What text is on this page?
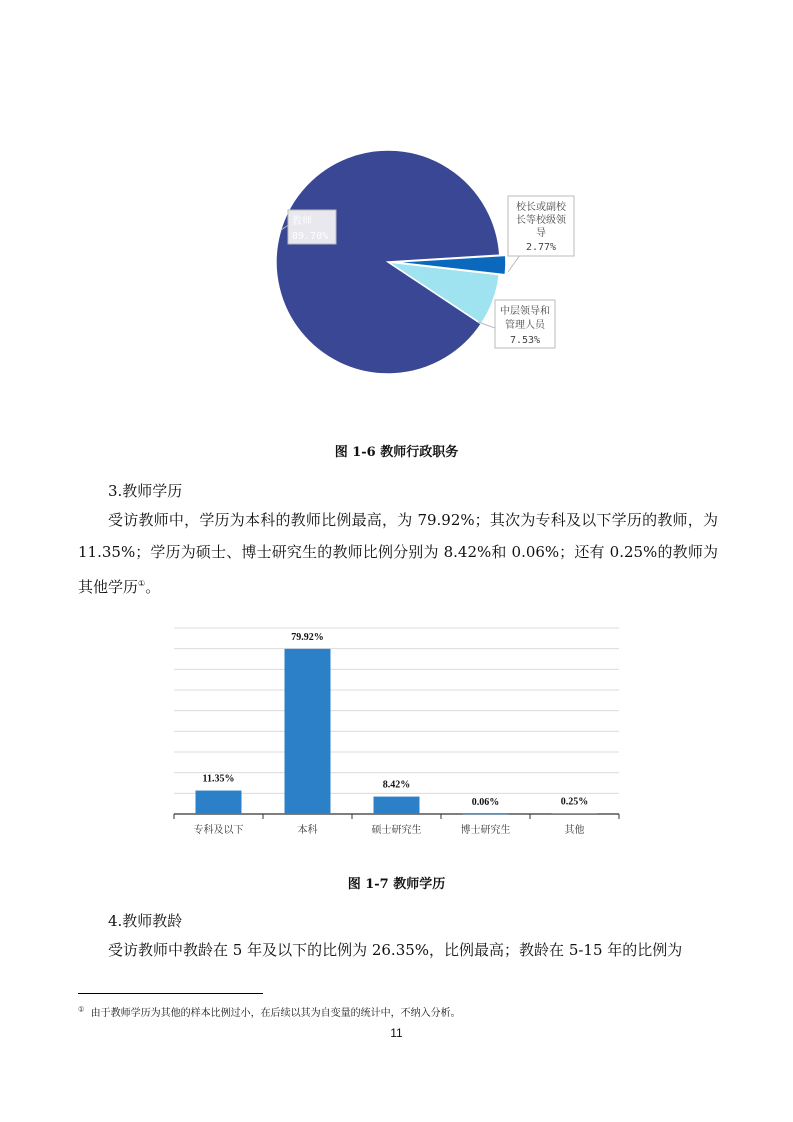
教师
89.70%
校长或副校
长等校级领
导
2.77%
中层领导和
管理人员
7.53%
图 1-6 教师行政职务
3.教师学历
受访教师中，学历为本科的教师比例最高，为 79.92%；其次为专科及以下学历的教师，为 11.35%；学历为硕士、博士研究生的教师比例分别为 8.42%和 0.06%；还有 0.25%的教师为其他学历①。
11.35%
79.92%
8.42%
0.06%	0.25%
专科及以下	本科	硕士研究生	博士研究生	其他
图 1-7 教师学历
4.教师教龄
受访教师中教龄在 5 年及以下的比例为 26.35%，比例最高；教龄在 5-15 年的比例为
① 由于教师学历为其他的样本比例过小，在后续以其为自变量的统计中，不纳入分析。
11
